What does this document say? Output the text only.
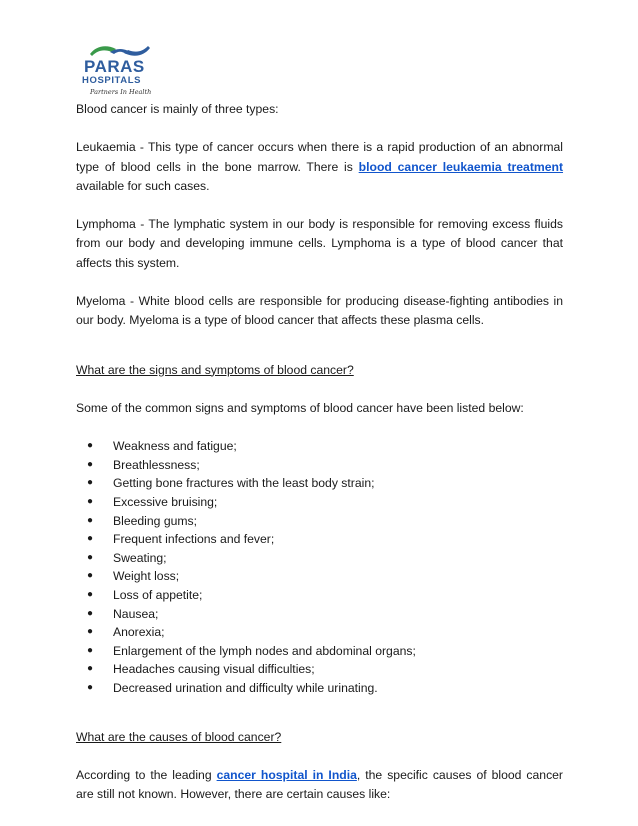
PARAS
HOSPITALS
Partners In Health

Blood cancer is mainly of three types:

Leukaemia - This type of cancer occurs when there is a rapid production of an abnormal type of blood cells in the bone marrow. There is blood cancer leukaemia treatment available for such cases.

Lymphoma - The lymphatic system in our body is responsible for removing excess fluids from our body and developing immune cells. Lymphoma is a type of blood cancer that affects this system.

Myeloma - White blood cells are responsible for producing disease-fighting antibodies in our body. Myeloma is a type of blood cancer that affects these plasma cells.

What are the signs and symptoms of blood cancer?

Some of the common signs and symptoms of blood cancer have been listed below:

● Weakness and fatigue;
● Breathlessness;
● Getting bone fractures with the least body strain;
● Excessive bruising;
● Bleeding gums;
● Frequent infections and fever;
● Sweating;
● Weight loss;
● Loss of appetite;
● Nausea;
● Anorexia;
● Enlargement of the lymph nodes and abdominal organs;
● Headaches causing visual difficulties;
● Decreased urination and difficulty while urinating.

What are the causes of blood cancer?

According to the leading cancer hospital in India, the specific causes of blood cancer are still not known. However, there are certain causes like:
